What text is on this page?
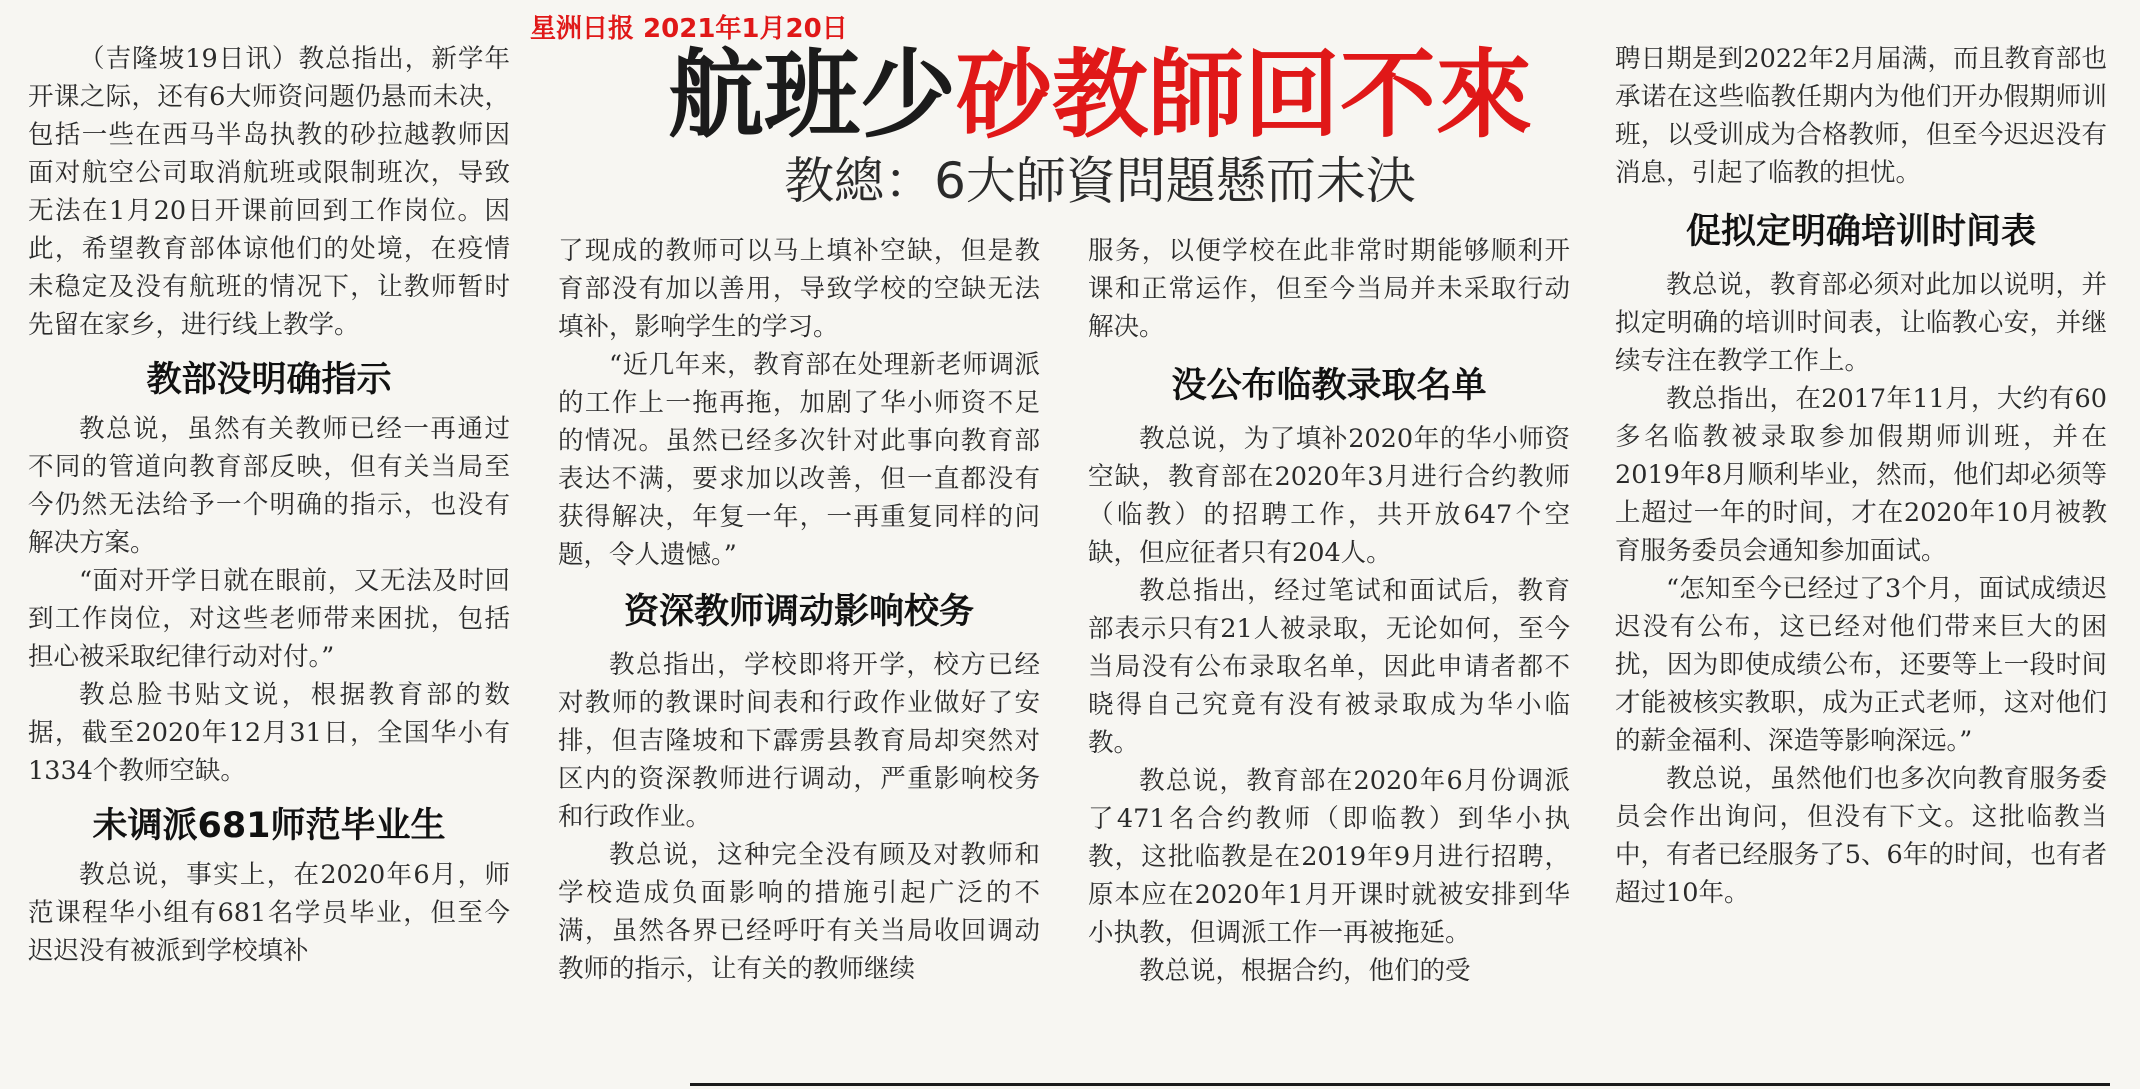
星洲日报 2021年1月20日
航班少砂教師回不來
教總：6大師資問題懸而未決

（吉隆坡19日讯）教总指出，新学年开课之际，还有6大师资问题仍悬而未决，包括一些在西马半岛执教的砂拉越教师因面对航空公司取消航班或限制班次，导致无法在1月20日开课前回到工作岗位。因此，希望教育部体谅他们的处境，在疫情未稳定及没有航班的情况下，让教师暂时先留在家乡，进行线上教学。

教部没明确指示

教总说，虽然有关教师已经一再通过不同的管道向教育部反映，但有关当局至今仍然无法给予一个明确的指示，也没有解决方案。

“面对开学日就在眼前，又无法及时回到工作岗位，对这些老师带来困扰，包括担心被采取纪律行动对付。”

教总脸书贴文说，根据教育部的数据，截至2020年12月31日，全国华小有1334个教师空缺。

未调派681师范毕业生

教总说，事实上，在2020年6月，师范课程华小组有681名学员毕业，但至今迟迟没有被派到学校填补

了现成的教师可以马上填补空缺，但是教育部没有加以善用，导致学校的空缺无法填补，影响学生的学习。

“近几年来，教育部在处理新老师调派的工作上一拖再拖，加剧了华小师资不足的情况。虽然已经多次针对此事向教育部表达不满，要求加以改善，但一直都没有获得解决，年复一年，一再重复同样的问题，令人遗憾。”

资深教师调动影响校务

教总指出，学校即将开学，校方已经对教师的教课时间表和行政作业做好了安排，但吉隆坡和下霹雳县教育局却突然对区内的资深教师进行调动，严重影响校务和行政作业。

教总说，这种完全没有顾及对教师和学校造成负面影响的措施引起广泛的不满，虽然各界已经呼吁有关当局收回调动教师的指示，让有关的教师继续

服务，以便学校在此非常时期能够顺利开课和正常运作，但至今当局并未采取行动解决。

没公布临教录取名单

教总说，为了填补2020年的华小师资空缺，教育部在2020年3月进行合约教师（临教）的招聘工作，共开放647个空缺，但应征者只有204人。

教总指出，经过笔试和面试后，教育部表示只有21人被录取，无论如何，至今当局没有公布录取名单，因此申请者都不晓得自己究竟有没有被录取成为华小临教。

教总说，教育部在2020年6月份调派了471名合约教师（即临教）到华小执教，这批临教是在2019年9月进行招聘，原本应在2020年1月开课时就被安排到华小执教，但调派工作一再被拖延。

教总说，根据合约，他们的受

聘日期是到2022年2月届满，而且教育部也承诺在这些临教任期内为他们开办假期师训班，以受训成为合格教师，但至今迟迟没有消息，引起了临教的担忧。

促拟定明确培训时间表

教总说，教育部必须对此加以说明，并拟定明确的培训时间表，让临教心安，并继续专注在教学工作上。

教总指出，在2017年11月，大约有60多名临教被录取参加假期师训班，并在2019年8月顺利毕业，然而，他们却必须等上超过一年的时间，才在2020年10月被教育服务委员会通知参加面试。

“怎知至今已经过了3个月，面试成绩迟迟没有公布，这已经对他们带来巨大的困扰，因为即使成绩公布，还要等上一段时间才能被核实教职，成为正式老师，这对他们的薪金福利、深造等影响深远。”

教总说，虽然他们也多次向教育服务委员会作出询问，但没有下文。这批临教当中，有者已经服务了5、6年的时间，也有者超过10年。
